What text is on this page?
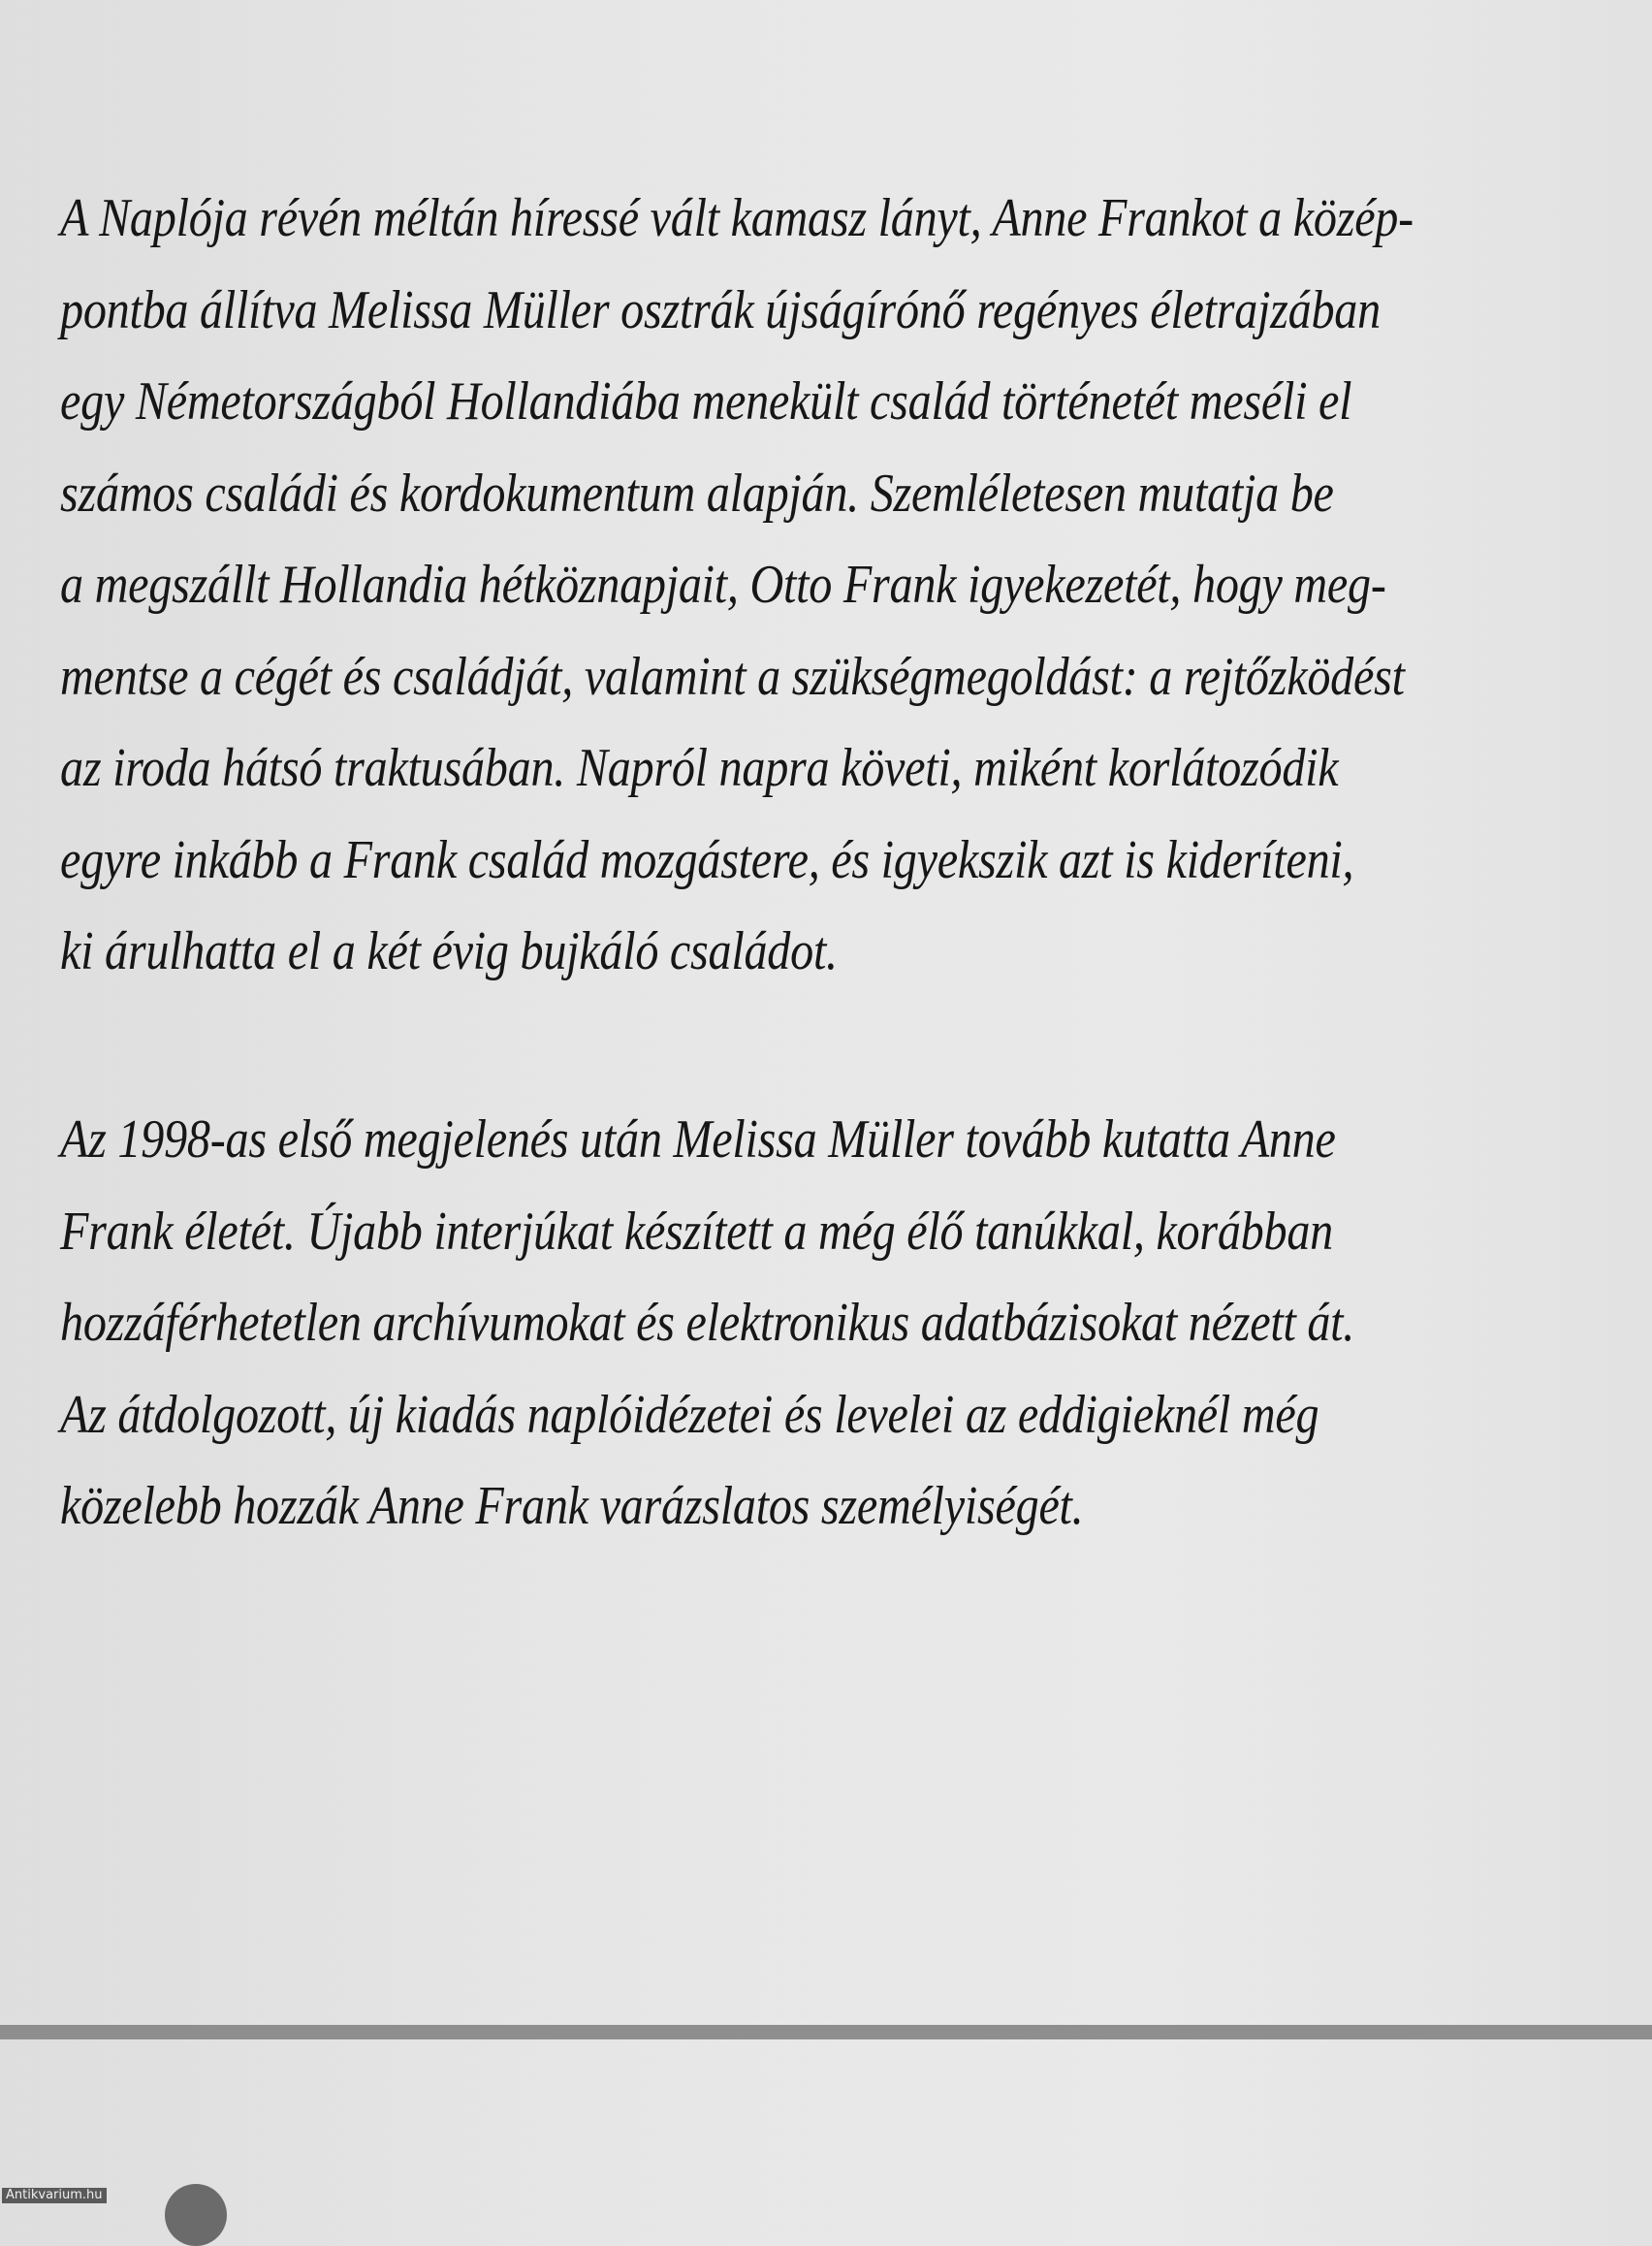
A Naplója révén méltán híressé vált kamasz lányt, Anne Frankot a közép-
pontba állítva Melissa Müller osztrák újságírónő regényes életrajzában
egy Németországból Hollandiába menekült család történetét meséli el
számos családi és kordokumentum alapján. Szemléletesen mutatja be
a megszállt Hollandia hétköznapjait, Otto Frank igyekezetét, hogy meg-
mentse a cégét és családját, valamint a szükségmegoldást: a rejtőzködést
az iroda hátsó traktusában. Napról napra követi, miként korlátozódik
egyre inkább a Frank család mozgástere, és igyekszik azt is kideríteni,
ki árulhatta el a két évig bujkáló családot.
Az 1998-as első megjelenés után Melissa Müller tovább kutatta Anne
Frank életét. Újabb interjúkat készített a még élő tanúkkal, korábban
hozzáférhetetlen archívumokat és elektronikus adatbázisokat nézett át.
Az átdolgozott, új kiadás naplóidézetei és levelei az eddigieknél még
közelebb hozzák Anne Frank varázslatos személyiségét.
Antikvarium.hu
